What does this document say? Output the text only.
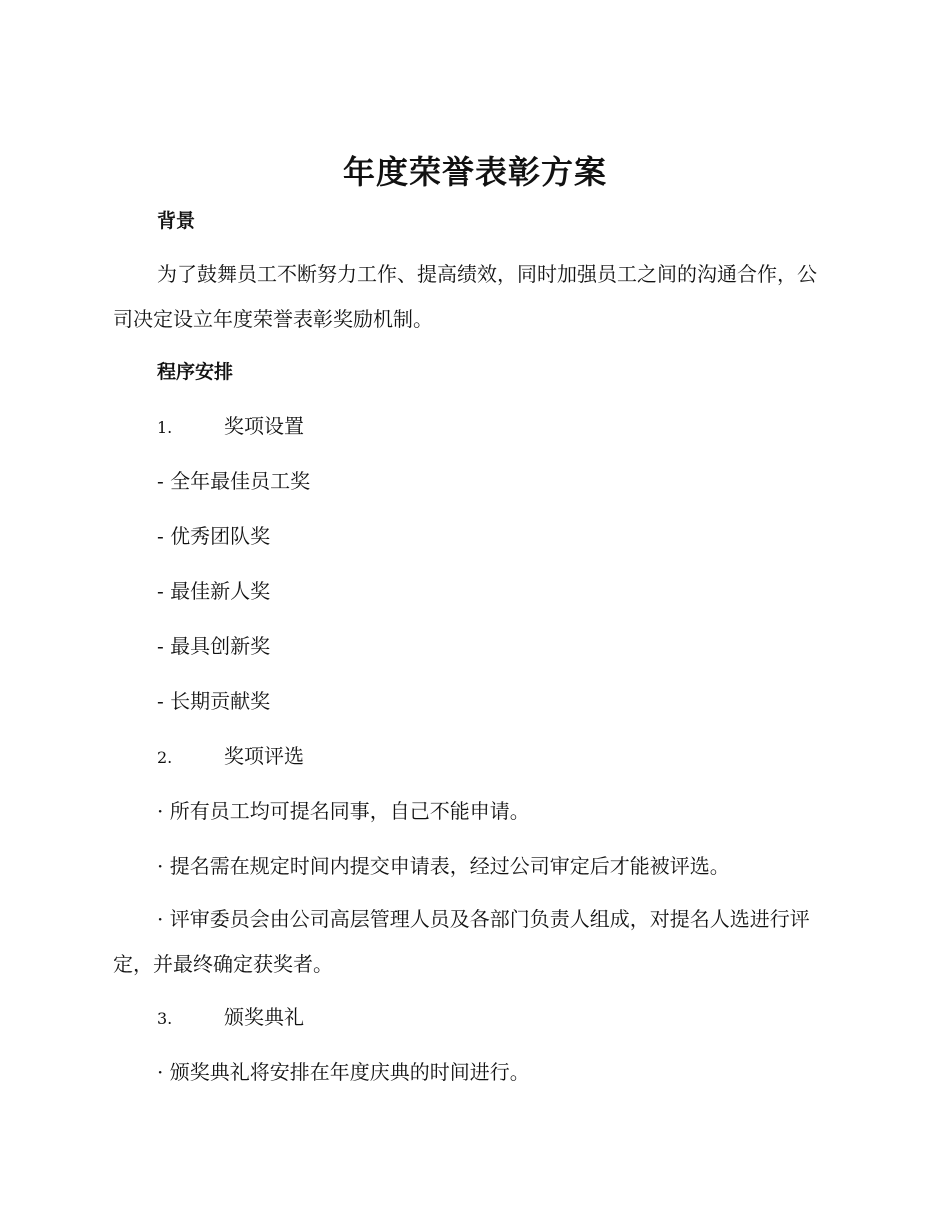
年度荣誉表彰方案
背景

为了鼓舞员工不断努力工作、提高绩效，同时加强员工之间的沟通合作，公司决定设立年度荣誉表彰奖励机制。

程序安排
1.	奖项设置
- 全年最佳员工奖
- 优秀团队奖
- 最佳新人奖
- 最具创新奖
- 长期贡献奖
2.	奖项评选
· 所有员工均可提名同事，自己不能申请。
· 提名需在规定时间内提交申请表，经过公司审定后才能被评选。

· 评审委员会由公司高层管理人员及各部门负责人组成，对提名人选进行评定，并最终确定获奖者。

3.	颁奖典礼
· 颁奖典礼将安排在年度庆典的时间进行。
